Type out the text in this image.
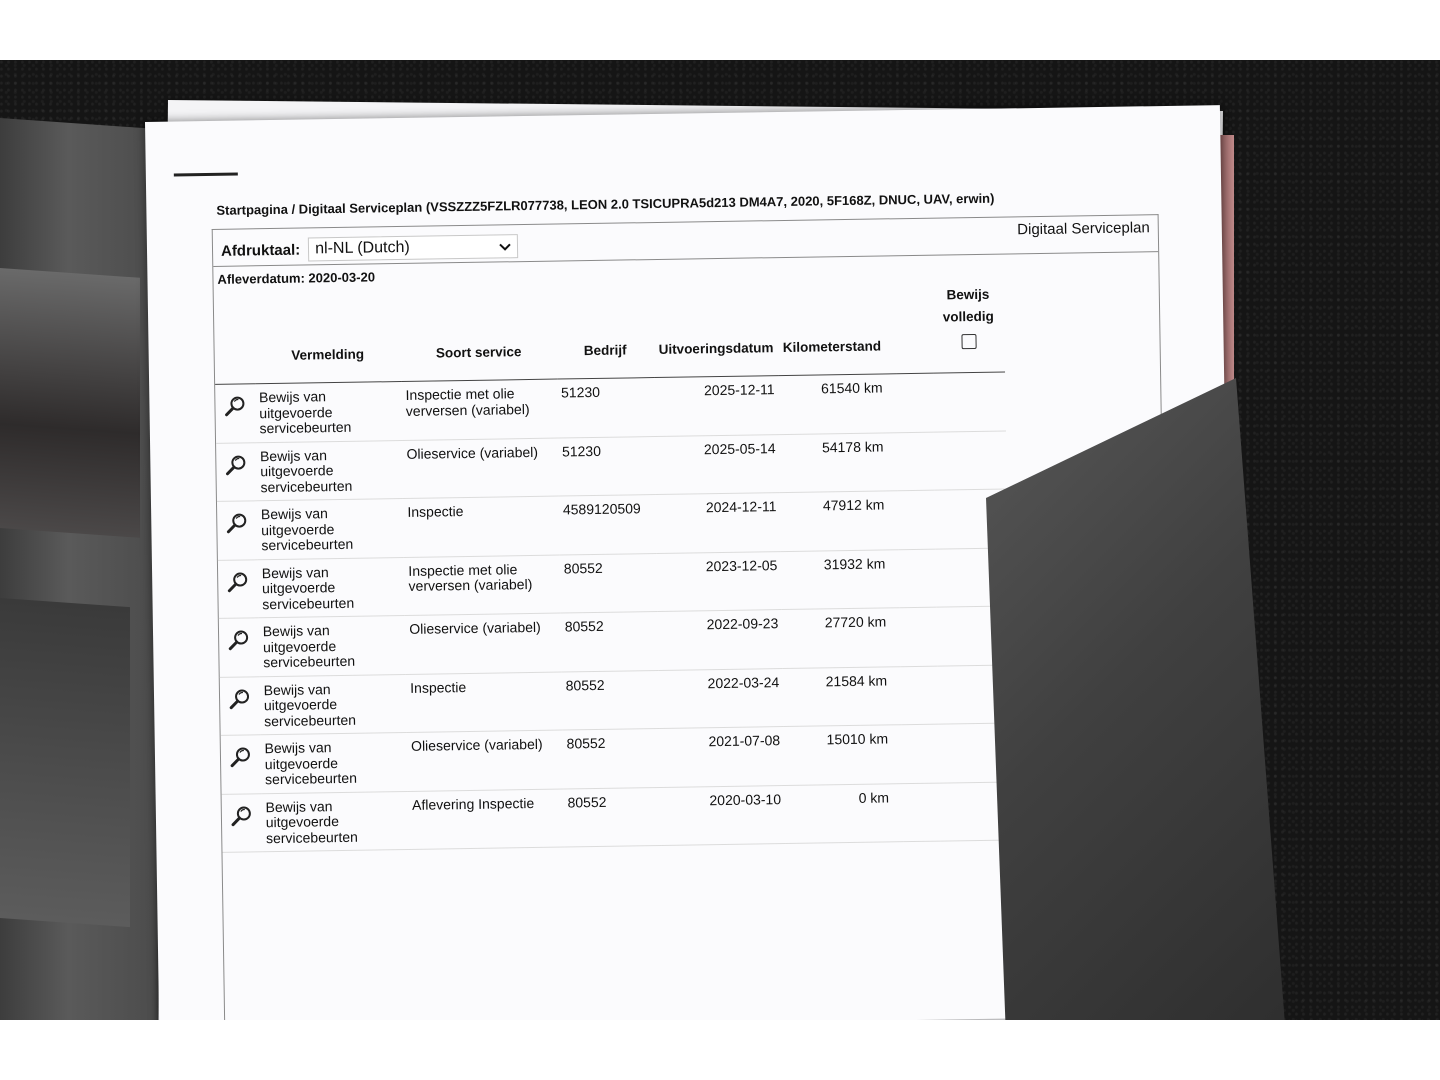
Startpagina / Digitaal Serviceplan (VSSZZZ5FZLR077738, LEON 2.0 TSICUPRA5d213 DM4A7, 2020, 5F168Z, DNUC, UAV, erwin)
Afdruktaal: nl-NL (Dutch)
Digitaal Serviceplan
Afleverdatum: 2020-03-20
	Vermelding	Soort service	Bedrijf	Uitvoeringsdatum	Kilometerstand		Bewijs
volledig

	Bewijs van uitgevoerde servicebeurten	Inspectie met olie verversen (variabel)	51230	2025-12-11	61540 km		
	Bewijs van uitgevoerde servicebeurten	Olieservice (variabel)	51230	2025-05-14	54178 km		
	Bewijs van uitgevoerde servicebeurten	Inspectie	4589120509	2024-12-11	47912 km		
	Bewijs van uitgevoerde servicebeurten	Inspectie met olie verversen (variabel)	80552	2023-12-05	31932 km		
	Bewijs van uitgevoerde servicebeurten	Olieservice (variabel)	80552	2022-09-23	27720 km		
	Bewijs van uitgevoerde servicebeurten	Inspectie	80552	2022-03-24	21584 km		
	Bewijs van uitgevoerde servicebeurten	Olieservice (variabel)	80552	2021-07-08	15010 km		
	Bewijs van uitgevoerde servicebeurten	Aflevering Inspectie	80552	2020-03-10	0 km		
